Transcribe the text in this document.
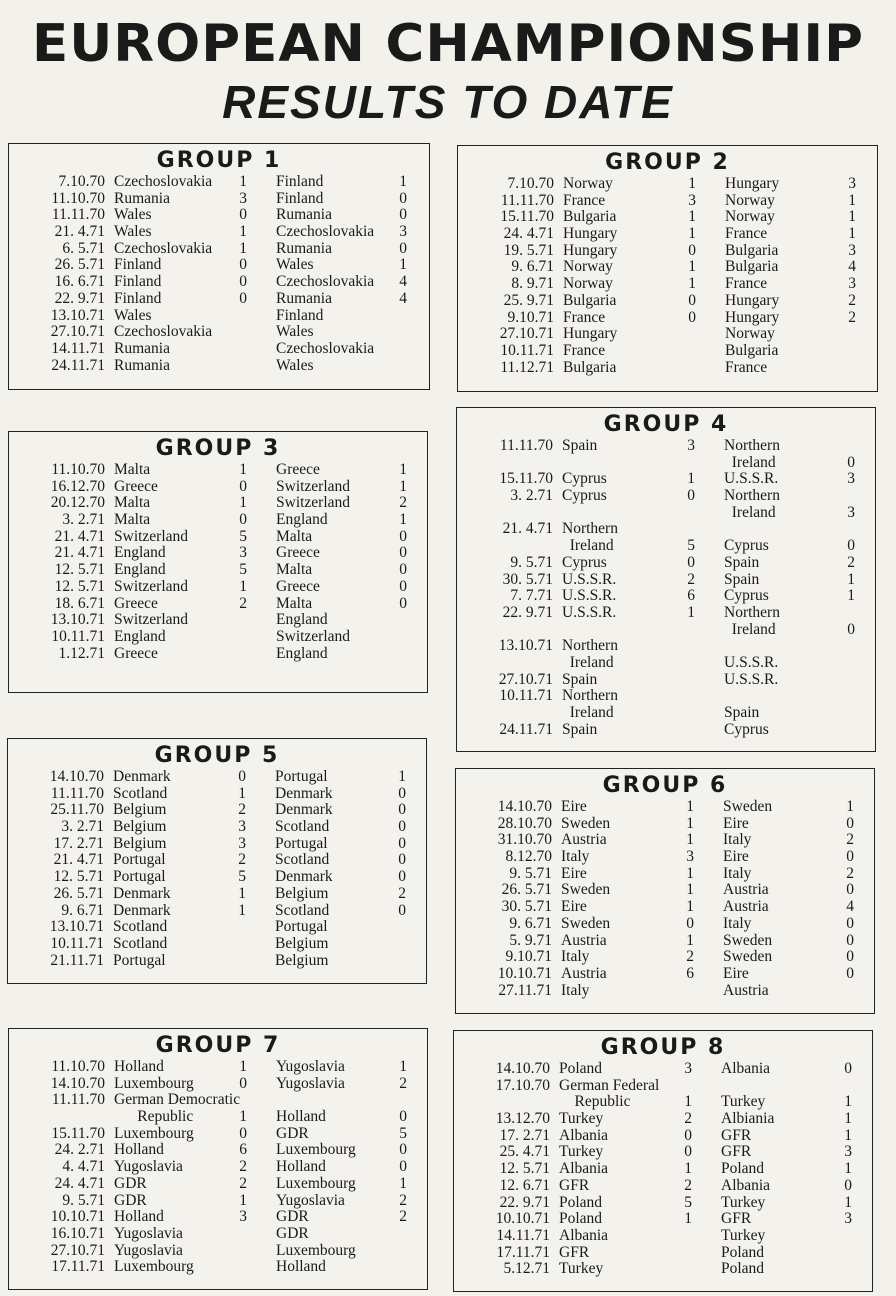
EUROPEAN CHAMPIONSHIP
RESULTS TO DATE
GROUP 1
7.10.70 Czechoslovakia	1 Finland	1
11.10.70 Rumania	3 Finland	0
11.11.70 Wales	0 Rumania	0
21. 4.71 Wales	1 Czechoslovakia	3
6. 5.71 Czechoslovakia	1 Rumania	0
26. 5.71 Finland	0 Wales	1
16. 6.71 Finland	0 Czechoslovakia	4
22. 9.71 Finland	0 Rumania	4
13.10.71 Wales	Finland
27.10.71 Czechoslovakia	Wales
14.11.71 Rumania	Czechoslovakia
24.11.71 Rumania	Wales
GROUP 2
7.10.70 Norway	1 Hungary	3
11.11.70 France	3 Norway	1
15.11.70 Bulgaria	1 Norway	1
24. 4.71 Hungary	1 France	1
19. 5.71 Hungary	0 Bulgaria	3
9. 6.71 Norway	1 Bulgaria	4
8. 9.71 Norway	1 France	3
25. 9.71 Bulgaria	0 Hungary	2
9.10.71 France	0 Hungary	2
27.10.71 Hungary	Norway
10.11.71 France	Bulgaria
11.12.71 Bulgaria	France
GROUP 3
11.10.70 Malta	1 Greece	1
16.12.70 Greece	0 Switzerland	1
20.12.70 Malta	1 Switzerland	2
3. 2.71 Malta	0 England	1
21. 4.71 Switzerland	5 Malta	0
21. 4.71 England	3 Greece	0
12. 5.71 England	5 Malta	0
12. 5.71 Switzerland	1 Greece	0
18. 6.71 Greece	2 Malta	0
13.10.71 Switzerland	England
10.11.71 England	Switzerland
1.12.71 Greece	England
GROUP 4
11.11.70 Spain	3 Northern
Ireland	0
15.11.70 Cyprus	1 U.S.S.R.	3
3. 2.71 Cyprus	0 Northern
Ireland	3
21. 4.71 Northern
Ireland	5 Cyprus	0
9. 5.71 Cyprus	0 Spain	2
30. 5.71 U.S.S.R.	2 Spain	1
7. 7.71 U.S.S.R.	6 Cyprus	1
22. 9.71 U.S.S.R.	1 Northern
Ireland	0
13.10.71 Northern
Ireland	U.S.S.R.
27.10.71 Spain	U.S.S.R.
10.11.71 Northern
Ireland	Spain
24.11.71 Spain	Cyprus
GROUP 5
14.10.70 Denmark	0 Portugal	1
11.11.70 Scotland	1 Denmark	0
25.11.70 Belgium	2 Denmark	0
3. 2.71 Belgium	3 Scotland	0
17. 2.71 Belgium	3 Portugal	0
21. 4.71 Portugal	2 Scotland	0
12. 5.71 Portugal	5 Denmark	0
26. 5.71 Denmark	1 Belgium	2
9. 6.71 Denmark	1 Scotland	0
13.10.71 Scotland	Portugal
10.11.71 Scotland	Belgium
21.11.71 Portugal	Belgium
GROUP 6
14.10.70 Eire	1 Sweden	1
28.10.70 Sweden	1 Eire	0
31.10.70 Austria	1 Italy	2
8.12.70 Italy	3 Eire	0
9. 5.71 Eire	1 Italy	2
26. 5.71 Sweden	1 Austria	0
30. 5.71 Eire	1 Austria	4
9. 6.71 Sweden	0 Italy	0
5. 9.71 Austria	1 Sweden	0
9.10.71 Italy	2 Sweden	0
10.10.71 Austria	6 Eire	0
27.11.71 Italy	Austria
GROUP 7
11.10.70 Holland	1 Yugoslavia	1
14.10.70 Luxembourg	0 Yugoslavia	2
11.11.70 German Democratic
Republic	1 Holland	0
15.11.70 Luxembourg	0 GDR	5
24. 2.71 Holland	6 Luxembourg	0
4. 4.71 Yugoslavia	2 Holland	0
24. 4.71 GDR	2 Luxembourg	1
9. 5.71 GDR	1 Yugoslavia	2
10.10.71 Holland	3 GDR	2
16.10.71 Yugoslavia	GDR
27.10.71 Yugoslavia	Luxembourg
17.11.71 Luxembourg	Holland
GROUP 8
14.10.70 Poland	3 Albania	0
17.10.70 German Federal
Republic	1 Turkey	1
13.12.70 Turkey	2 Albiania	1
17. 2.71 Albania	0 GFR	1
25. 4.71 Turkey	0 GFR	3
12. 5.71 Albania	1 Poland	1
12. 6.71 GFR	2 Albania	0
22. 9.71 Poland	5 Turkey	1
10.10.71 Poland	1 GFR	3
14.11.71 Albania	Turkey
17.11.71 GFR	Poland
5.12.71 Turkey	Poland
